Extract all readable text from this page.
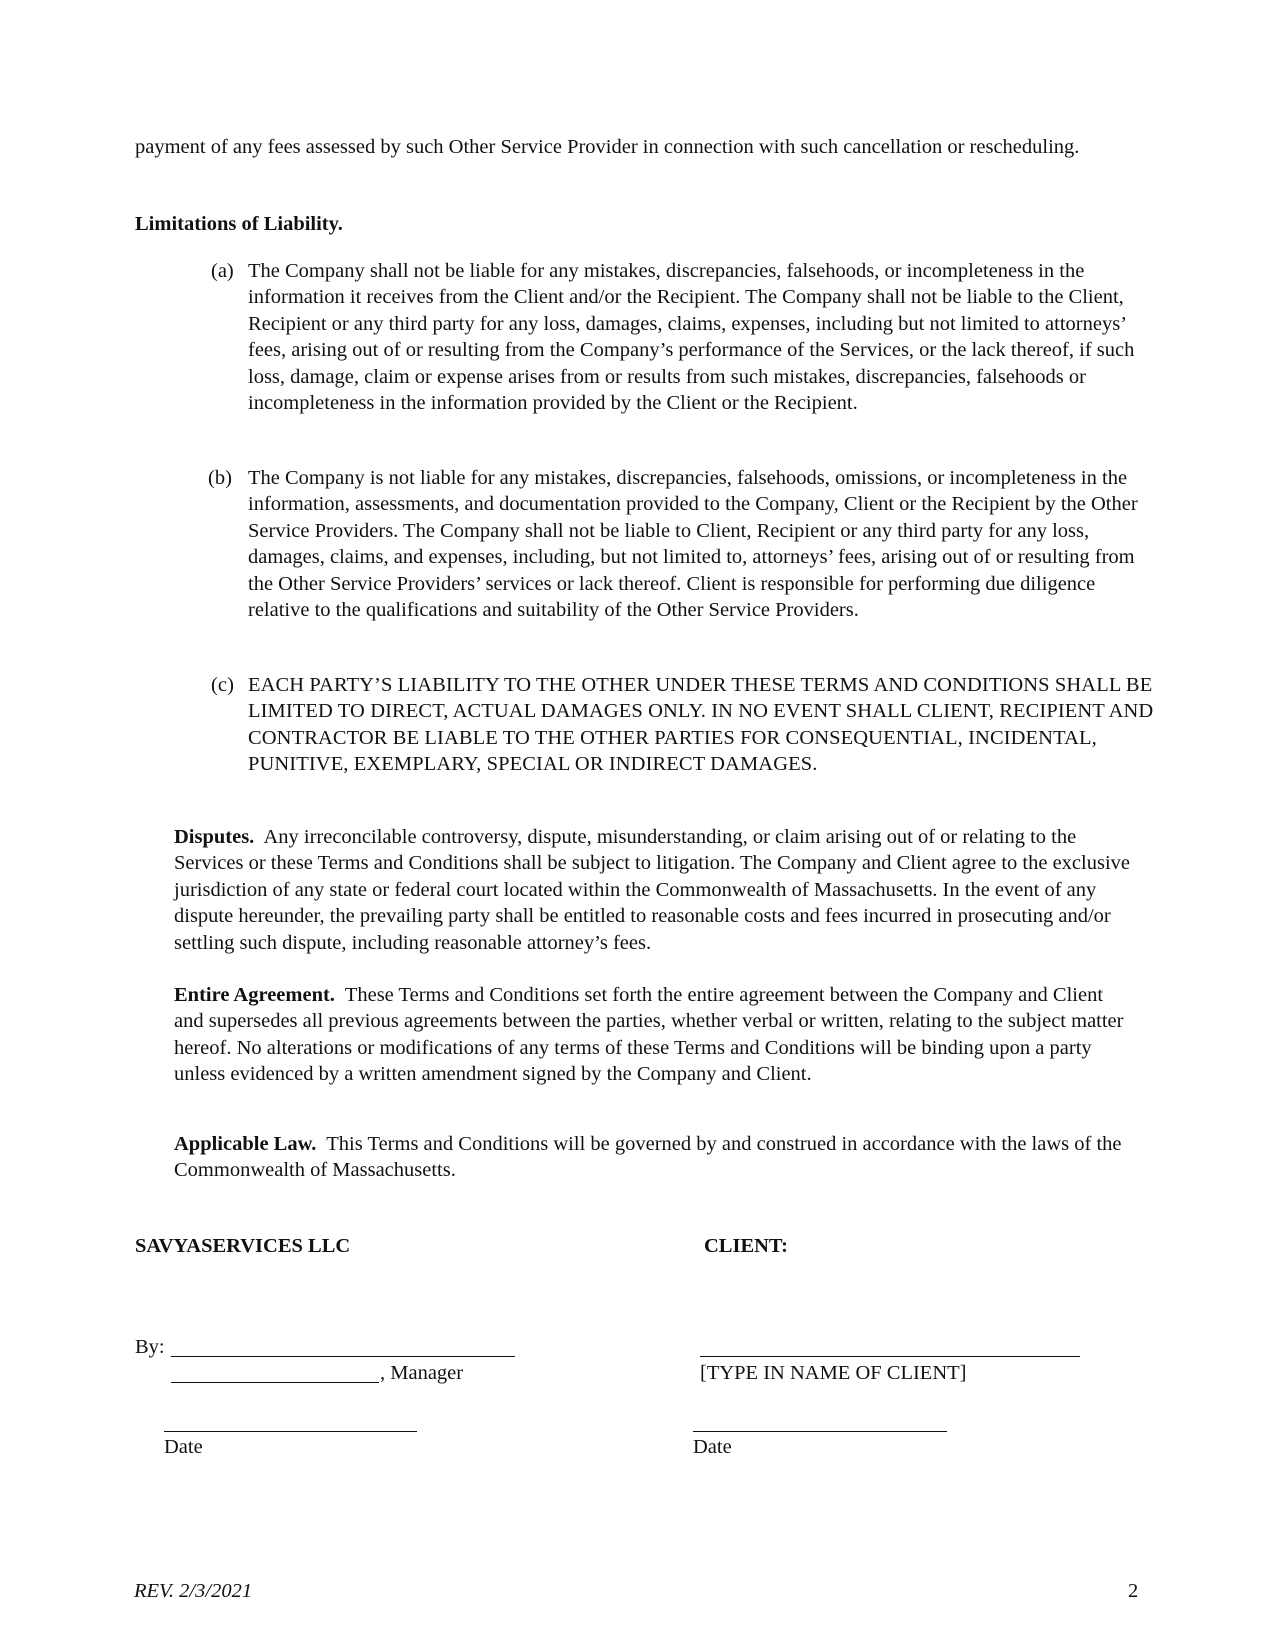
payment of any fees assessed by such Other Service Provider in connection with such cancellation or rescheduling.
Limitations of Liability.
(a) The Company shall not be liable for any mistakes, discrepancies, falsehoods, or incompleteness in the information it receives from the Client and/or the Recipient. The Company shall not be liable to the Client, Recipient or any third party for any loss, damages, claims, expenses, including but not limited to attorneys’ fees, arising out of or resulting from the Company’s performance of the Services, or the lack thereof, if such loss, damage, claim or expense arises from or results from such mistakes, discrepancies, falsehoods or incompleteness in the information provided by the Client or the Recipient.
(b) The Company is not liable for any mistakes, discrepancies, falsehoods, omissions, or incompleteness in the information, assessments, and documentation provided to the Company, Client or the Recipient by the Other Service Providers. The Company shall not be liable to Client, Recipient or any third party for any loss, damages, claims, and expenses, including, but not limited to, attorneys’ fees, arising out of or resulting from the Other Service Providers’ services or lack thereof. Client is responsible for performing due diligence relative to the qualifications and suitability of the Other Service Providers.
(c) EACH PARTY’S LIABILITY TO THE OTHER UNDER THESE TERMS AND CONDITIONS SHALL BE LIMITED TO DIRECT, ACTUAL DAMAGES ONLY. IN NO EVENT SHALL CLIENT, RECIPIENT AND CONTRACTOR BE LIABLE TO THE OTHER PARTIES FOR CONSEQUENTIAL, INCIDENTAL, PUNITIVE, EXEMPLARY, SPECIAL OR INDIRECT DAMAGES.
Disputes. Any irreconcilable controversy, dispute, misunderstanding, or claim arising out of or relating to the Services or these Terms and Conditions shall be subject to litigation. The Company and Client agree to the exclusive jurisdiction of any state or federal court located within the Commonwealth of Massachusetts. In the event of any dispute hereunder, the prevailing party shall be entitled to reasonable costs and fees incurred in prosecuting and/or settling such dispute, including reasonable attorney’s fees.
Entire Agreement. These Terms and Conditions set forth the entire agreement between the Company and Client and supersedes all previous agreements between the parties, whether verbal or written, relating to the subject matter hereof. No alterations or modifications of any terms of these Terms and Conditions will be binding upon a party unless evidenced by a written amendment signed by the Company and Client.
Applicable Law. This Terms and Conditions will be governed by and construed in accordance with the laws of the Commonwealth of Massachusetts.
SAVYASERVICES LLC
By:
, Manager
Date
CLIENT:
[TYPE IN NAME OF CLIENT]
Date
REV. 2/3/2021	2
